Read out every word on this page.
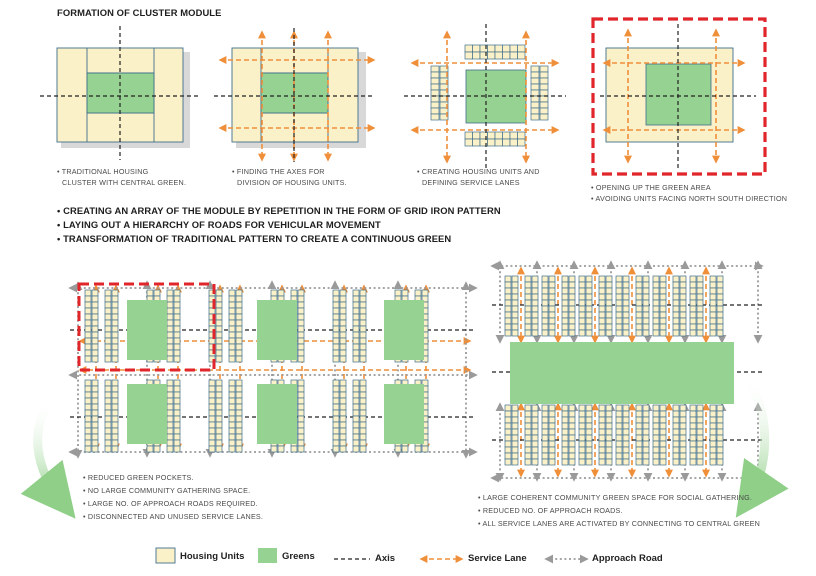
FORMATION OF CLUSTER MODULE

• TRADITIONAL HOUSING

CLUSTER WITH CENTRAL GREEN.

• FINDING THE AXES FOR

DIVISION OF HOUSING UNITS.

• CREATING HOUSING UNITS AND

DEFINING SERVICE LANES

• OPENING UP THE GREEN AREA

• AVOIDING UNITS FACING NORTH SOUTH DIRECTION

• CREATING AN ARRAY OF THE MODULE BY REPETITION IN THE FORM OF GRID IRON PATTERN

• LAYING OUT A HIERARCHY OF ROADS FOR VEHICULAR MOVEMENT

• TRANSFORMATION OF TRADITIONAL PATTERN TO CREATE A CONTINUOUS GREEN

• REDUCED GREEN POCKETS.

• NO LARGE COMMUNITY GATHERING SPACE.

• LARGE NO. OF APPROACH ROADS REQUIRED.

• DISCONNECTED AND UNUSED SERVICE LANES.

• LARGE COHERENT COMMUNITY GREEN SPACE FOR SOCIAL GATHERING.

• REDUCED NO. OF APPROACH ROADS.

• ALL SERVICE LANES ARE ACTIVATED BY CONNECTING TO CENTRAL GREEN

Housing Units	Greens	Axis	Service Lane	Approach Road
